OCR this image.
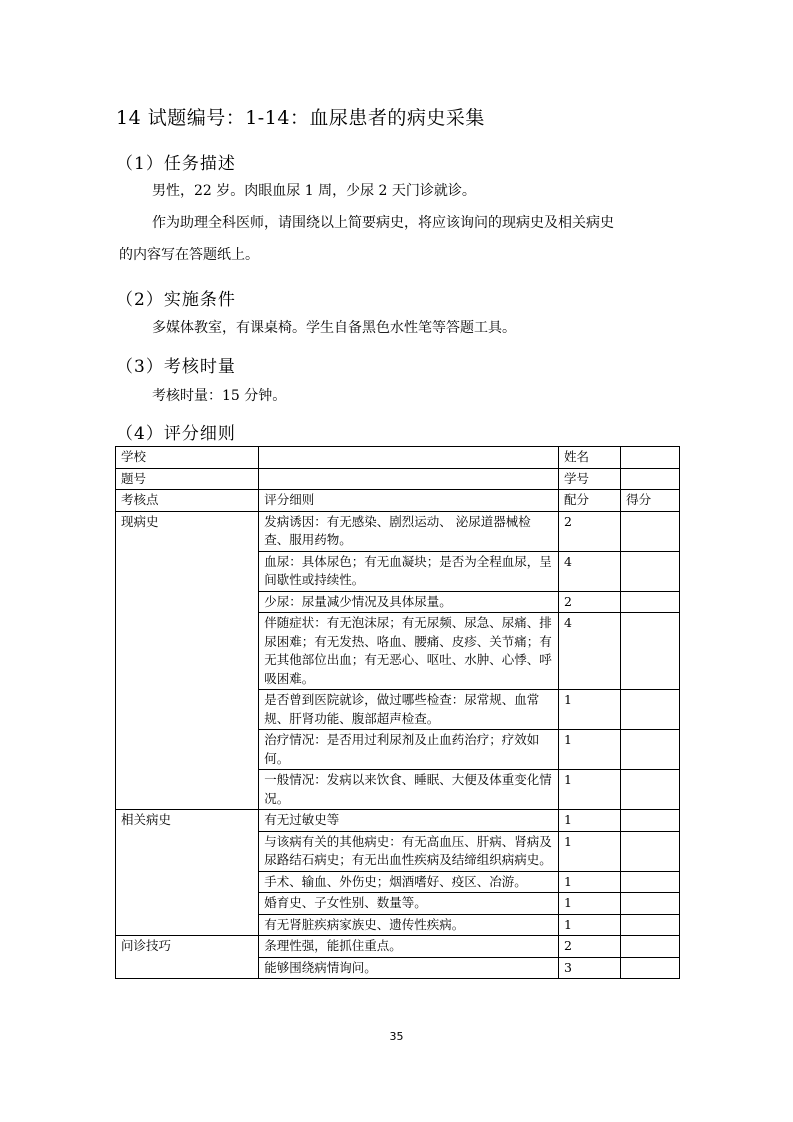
14 试题编号：1-14：血尿患者的病史采集
（1）任务描述
男性，22 岁。肉眼血尿 1 周，少尿 2 天门诊就诊。
作为助理全科医师，请围绕以上简要病史，将应该询问的现病史及相关病史
的内容写在答题纸上。
（2）实施条件
多媒体教室，有课桌椅。学生自备黑色水性笔等答题工具。
（3）考核时量
考核时量：15 分钟。
（4）评分细则
学校		姓名	
题号		学号	
考核点	评分细则	配分	得分
现病史	发病诱因：有无感染、剧烈运动、 泌尿道器械检查、服用药物。	2	
	血尿：具体尿色；有无血凝块；是否为全程血尿，呈间歇性或持续性。	4	
	少尿：尿量减少情况及具体尿量。	2	
	伴随症状：有无泡沫尿；有无尿频、尿急、尿痛、排尿困难；有无发热、咯血、腰痛、皮疹、关节痛；有无其他部位出血；有无恶心、呕吐、水肿、心悸、呼吸困难。	4	
	是否曾到医院就诊，做过哪些检查：尿常规、血常规、肝肾功能、腹部超声检查。	1	
	治疗情况：是否用过利尿剂及止血药治疗；疗效如何。	1	
	一般情况：发病以来饮食、睡眠、大便及体重变化情况。	1	
相关病史	有无过敏史等	1	
	与该病有关的其他病史：有无高血压、肝病、肾病及尿路结石病史；有无出血性疾病及结缔组织病病史。	1	
	手术、输血、外伤史；烟酒嗜好、疫区、冶游。	1	
	婚育史、子女性别、数量等。	1	
	有无肾脏疾病家族史、遗传性疾病。	1	
问诊技巧	条理性强，能抓住重点。	2	
	能够围绕病情询问。	3	
35
